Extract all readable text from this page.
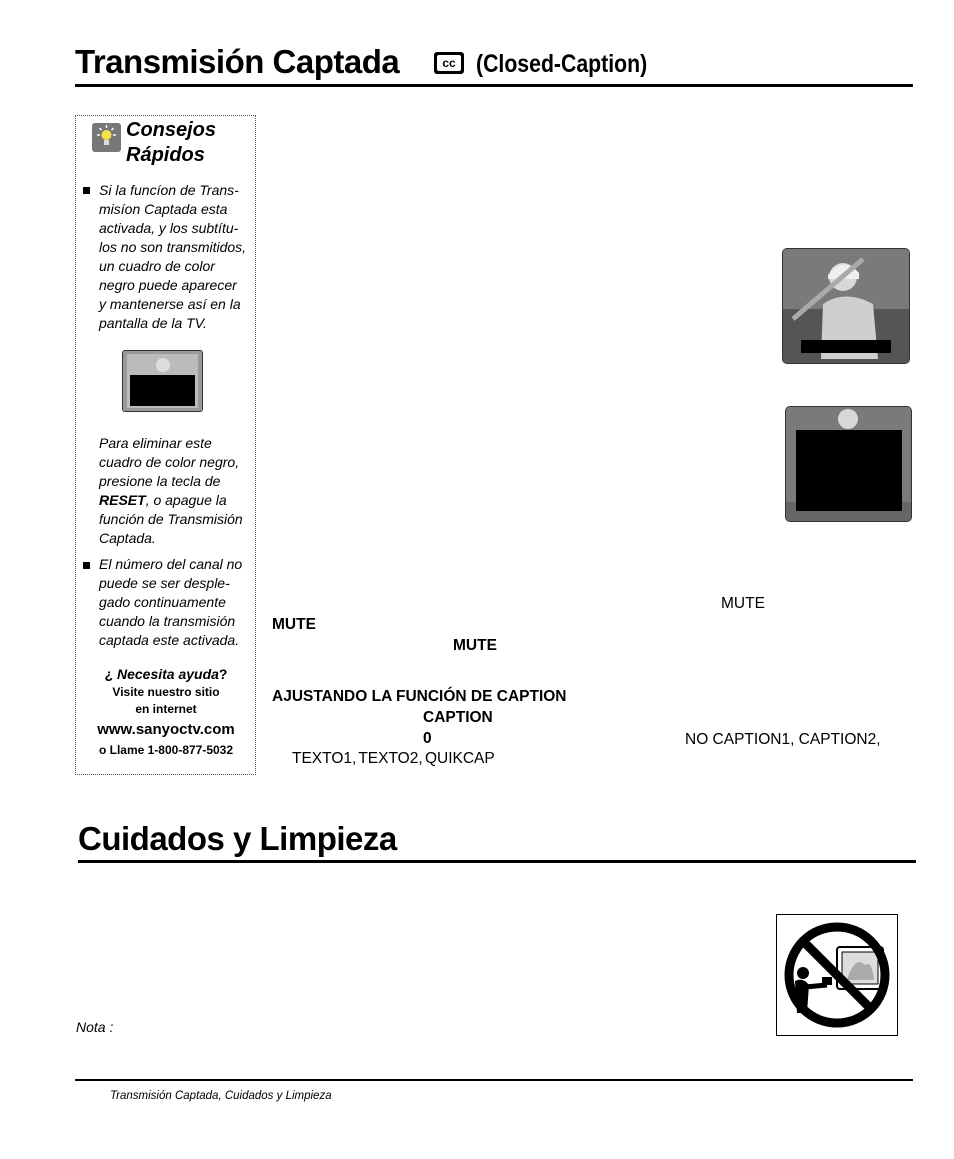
Transmisión Captada	cc (Closed-Caption)
Consejos
Rápidos
Si la funcíon de Trans-
misíon Captada esta
activada, y los subtítu-
los no son transmitidos,
un cuadro de color
negro puede aparecer
y mantenerse así en la
pantalla de la TV.
Para eliminar este
cuadro de color negro,
presione la tecla de
RESET, o apague la
función de Transmisión
Captada.
El número del canal no
puede se ser desple-
gado continuamente
cuando la transmisión
captada este activada.
¿ Necesita ayuda?
Visite nuestro sitio
en internet
www.sanyoctv.com
o Llame 1-800-877-5032
MUTE
MUTE
MUTE
AJUSTANDO LA FUNCIÓN DE CAPTION
CAPTION
0	NO CAPTION1, CAPTION2,
TEXTO1, TEXTO2, QUIKCAP
Cuidados y Limpieza
Nota :
Transmisión Captada, Cuidados y Limpieza
